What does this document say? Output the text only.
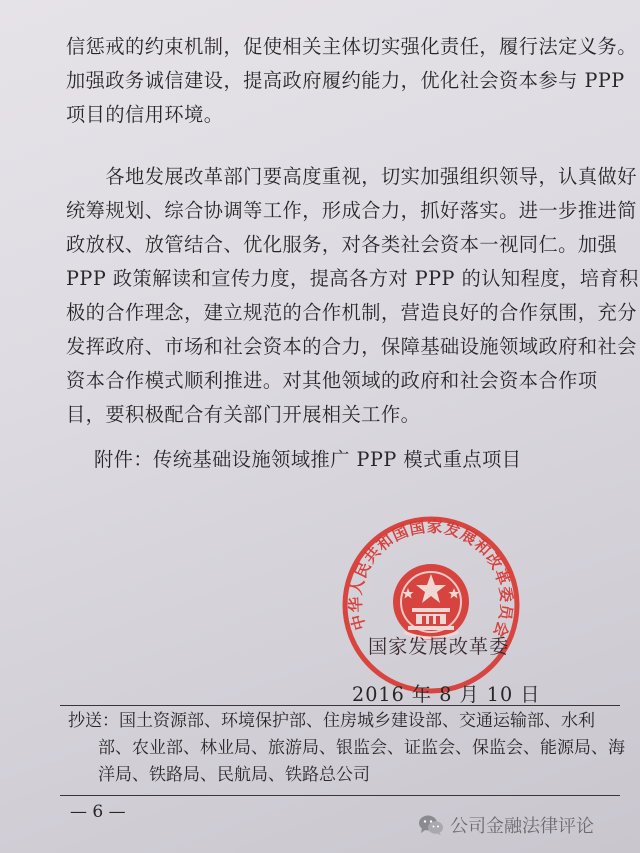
信惩戒的约束机制，促使相关主体切实强化责任，履行法定义务。
加强政务诚信建设，提高政府履约能力，优化社会资本参与 PPP
项目的信用环境。

　　各地发展改革部门要高度重视，切实加强组织领导，认真做好
统筹规划、综合协调等工作，形成合力，抓好落实。进一步推进简
政放权、放管结合、优化服务，对各类社会资本一视同仁。加强
PPP 政策解读和宣传力度，提高各方对 PPP 的认知程度，培育积
极的合作理念，建立规范的合作机制，营造良好的合作氛围，充分
发挥政府、市场和社会资本的合力，保障基础设施领域政府和社会
资本合作模式顺利推进。对其他领域的政府和社会资本合作项
目，要积极配合有关部门开展相关工作。

附件：传统基础设施领域推广 PPP 模式重点项目
中华人民共和国国家发展和改革委员会
国家发展改革委
2016 年 8 月 10 日
抄送：国土资源部、环境保护部、住房城乡建设部、交通运输部、水利
部、农业部、林业局、旅游局、银监会、证监会、保监会、能源局、海
洋局、铁路局、民航局、铁路总公司
— 6 —
公司金融法律评论
